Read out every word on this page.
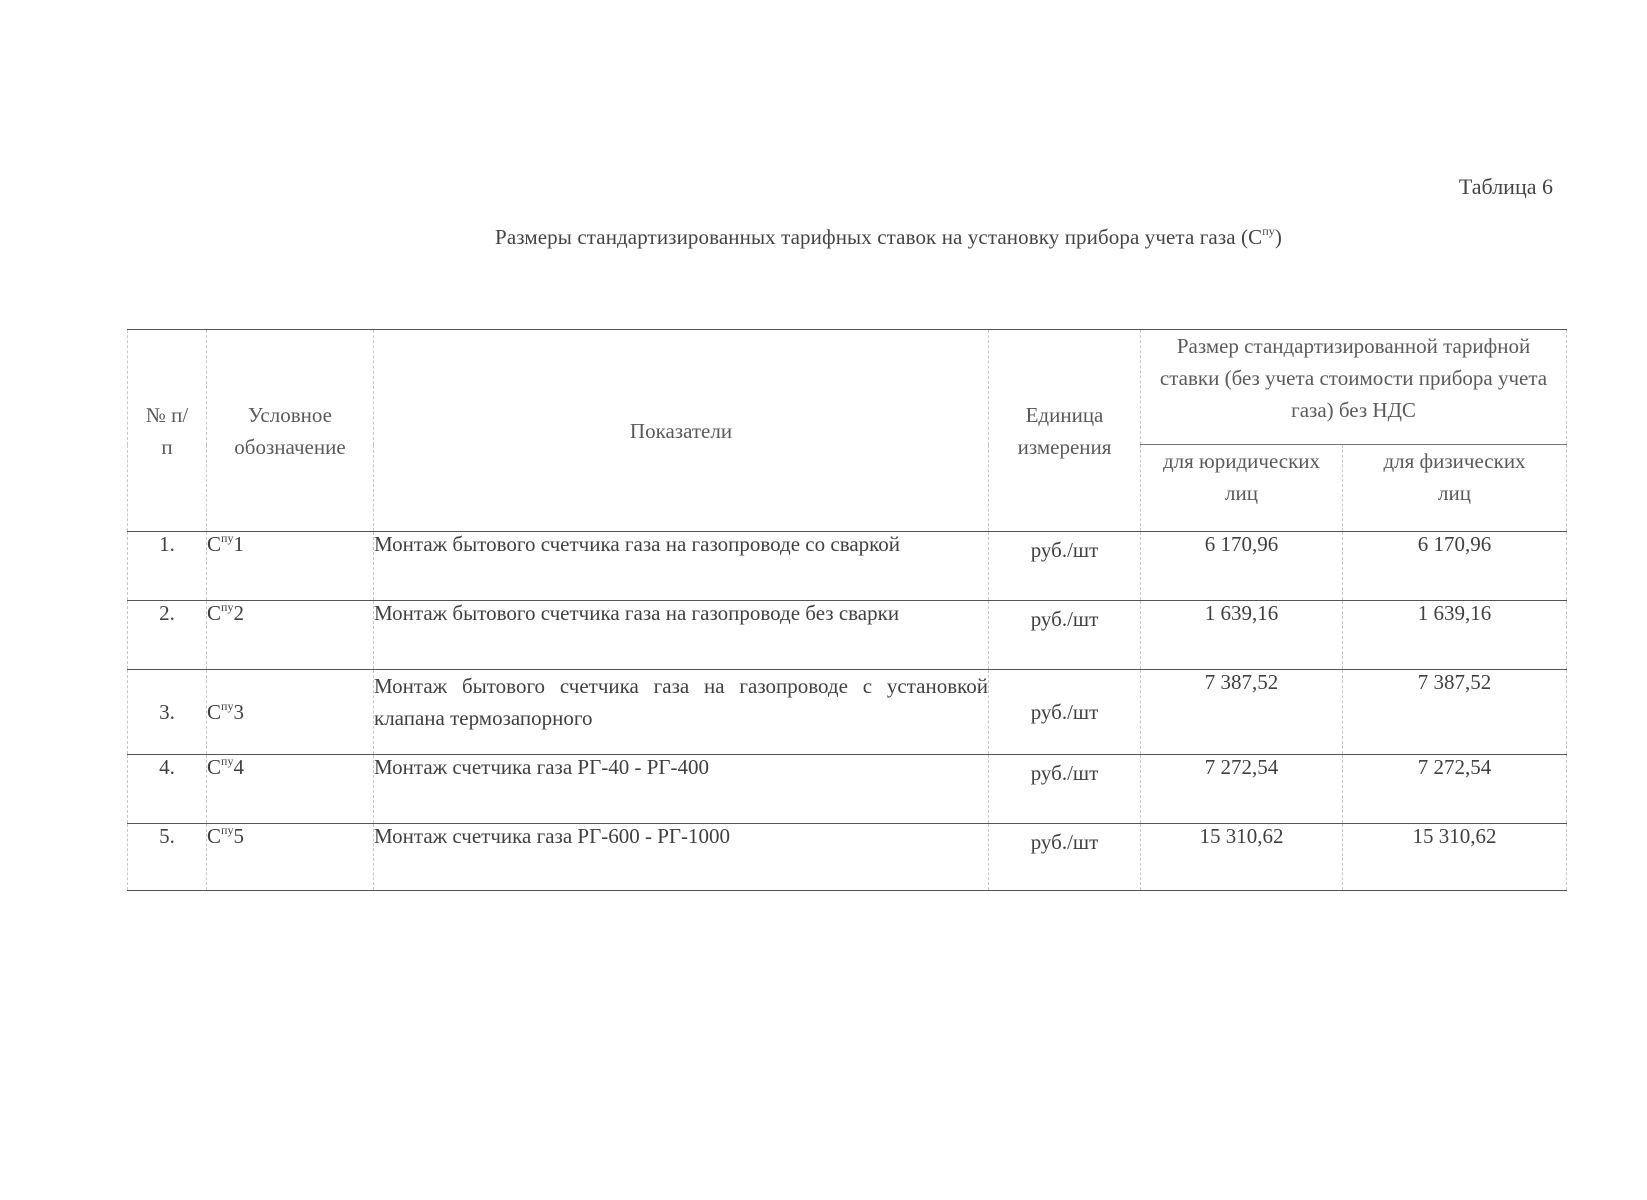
Таблица 6
Размеры стандартизированных тарифных ставок на установку прибора учета газа $(С^{пу})$
№ п/п	Условное обозначение	Показатели	Единица измерения	Размер стандартизированной тарифной ставки (без учета стоимости прибора учета газа) без НДС	
				для юридических лиц	для физических лиц
1.	$С^{пу}1$	Монтаж бытового счетчика газа на газопроводе со сваркой	руб./шт	6 170,96	6 170,96
2.	$С^{пу}2$	Монтаж бытового счетчика газа на газопроводе без сварки	руб./шт	1 639,16	1 639,16
3.	$С^{пу}3$	Монтаж бытового счетчика газа на газопроводе с установкой клапана термозапорного	руб./шт	7 387,52	7 387,52
4.	$С^{пу}4$	Монтаж счетчика газа РГ-40 - РГ-400	руб./шт	7 272,54	7 272,54
5.	$С^{пу}5$	Монтаж счетчика газа РГ-600 - РГ-1000	руб./шт	15 310,62	15 310,62
